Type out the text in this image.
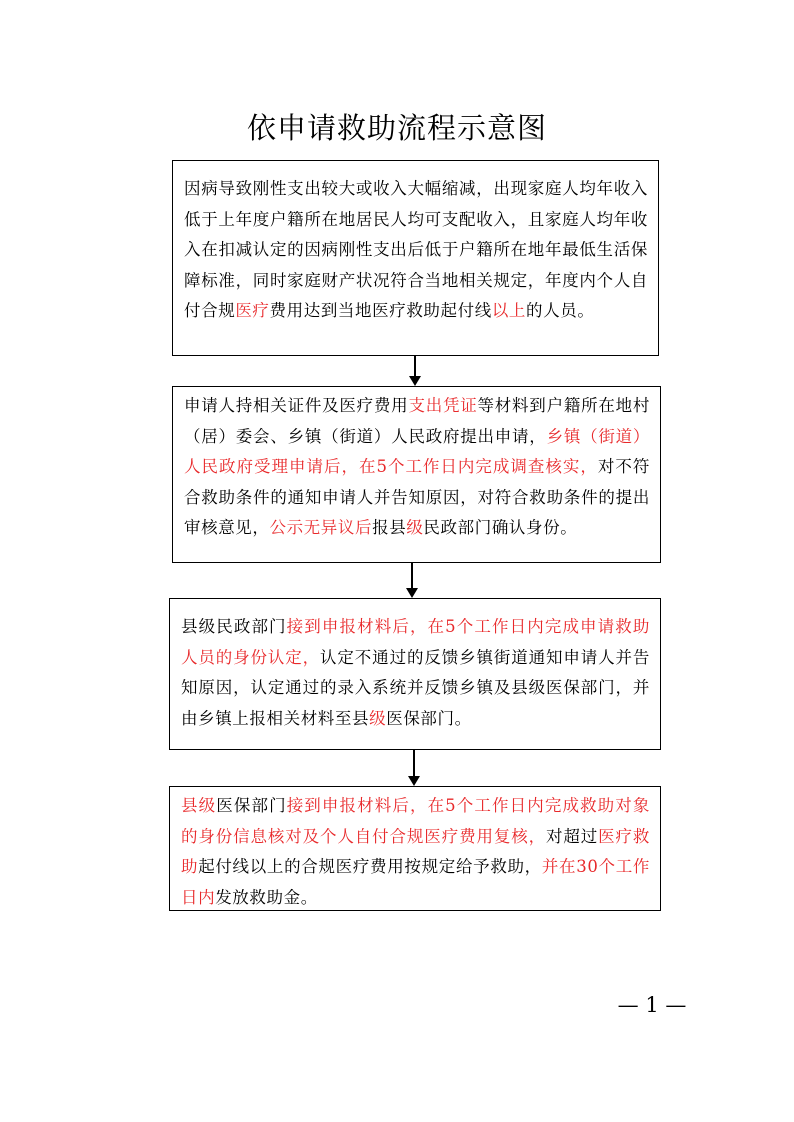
依申请救助流程示意图
因病导致刚性支出较大或收入大幅缩减，出现家庭人均年收入低于上年度户籍所在地居民人均可支配收入，且家庭人均年收入在扣减认定的因病刚性支出后低于户籍所在地年最低生活保障标准，同时家庭财产状况符合当地相关规定，年度内个人自付合规医疗费用达到当地医疗救助起付线以上的人员。
申请人持相关证件及医疗费用支出凭证等材料到户籍所在地村（居）委会、乡镇（街道）人民政府提出申请，乡镇（街道）人民政府受理申请后，在5个工作日内完成调查核实，对不符合救助条件的通知申请人并告知原因，对符合救助条件的提出审核意见，公示无异议后报县级民政部门确认身份。
县级民政部门接到申报材料后，在5个工作日内完成申请救助人员的身份认定，认定不通过的反馈乡镇街道通知申请人并告知原因，认定通过的录入系统并反馈乡镇及县级医保部门，并由乡镇上报相关材料至县级医保部门。
县级医保部门接到申报材料后，在5个工作日内完成救助对象的身份信息核对及个人自付合规医疗费用复核，对超过医疗救助起付线以上的合规医疗费用按规定给予救助，并在30个工作日内发放救助金。
— 1 —
